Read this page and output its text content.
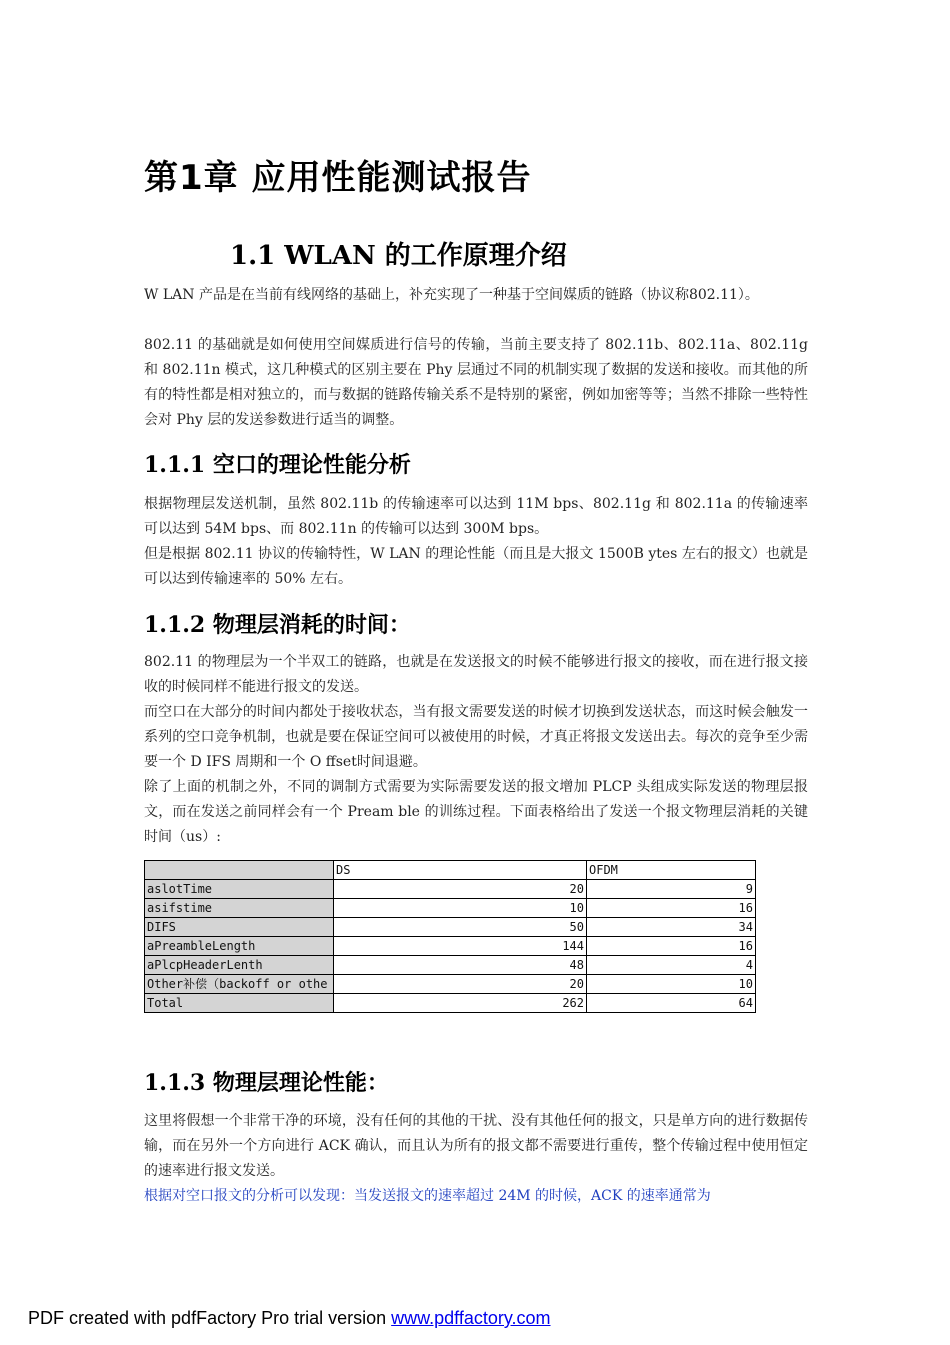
第1章 应用性能测试报告
1.1 WLAN 的工作原理介绍

W LAN 产品是在当前有线网络的基础上，补充实现了一种基于空间媒质的链路（协议称802.11）。

802.11 的基础就是如何使用空间媒质进行信号的传输，当前主要支持了 802.11b、802.11a、802.11g 和 802.11n 模式，这几种模式的区别主要在 Phy 层通过不同的机制实现了数据的发送和接收。而其他的所有的特性都是相对独立的，而与数据的链路传输关系不是特别的紧密，例如加密等等；当然不排除一些特性会对 Phy 层的发送参数进行适当的调整。

1.1.1 空口的理论性能分析

根据物理层发送机制，虽然 802.11b 的传输速率可以达到 11M bps、802.11g 和 802.11a 的传输速率可以达到 54M bps、而 802.11n 的传输可以达到 300M bps。

但是根据 802.11 协议的传输特性，W LAN 的理论性能（而且是大报文 1500B ytes 左右的报文）也就是可以达到传输速率的 50% 左右。

1.1.2 物理层消耗的时间：

802.11 的物理层为一个半双工的链路，也就是在发送报文的时候不能够进行报文的接收，而在进行报文接收的时候同样不能进行报文的发送。

而空口在大部分的时间内都处于接收状态，当有报文需要发送的时候才切换到发送状态，而这时候会触发一系列的空口竞争机制，也就是要在保证空间可以被使用的时候，才真正将报文发送出去。每次的竞争至少需要一个 D IFS 周期和一个 O ffset时间退避。

除了上面的机制之外，不同的调制方式需要为实际需要发送的报文增加 PLCP 头组成实际发送的物理层报文，而在发送之前同样会有一个 Pream ble 的训练过程。下面表格给出了发送一个报文物理层消耗的关键时间（us）:

	DS	OFDM
aslotTime	20	9
asifstime	10	16
DIFS	50	34
aPreambleLength	144	16
aPlcpHeaderLenth	48	4
Other补偿（backoff or othe	20	10
Total	262	64
1.1.3 物理层理论性能：

这里将假想一个非常干净的环境，没有任何的其他的干扰、没有其他任何的报文，只是单方向的进行数据传输，而在另外一个方向进行 ACK 确认，而且认为所有的报文都不需要进行重传，整个传输过程中使用恒定的速率进行报文发送。

根据对空口报文的分析可以发现：当发送报文的速率超过 24M 的时候，ACK 的速率通常为

PDF created with pdfFactory Pro trial version www.pdffactory.com
